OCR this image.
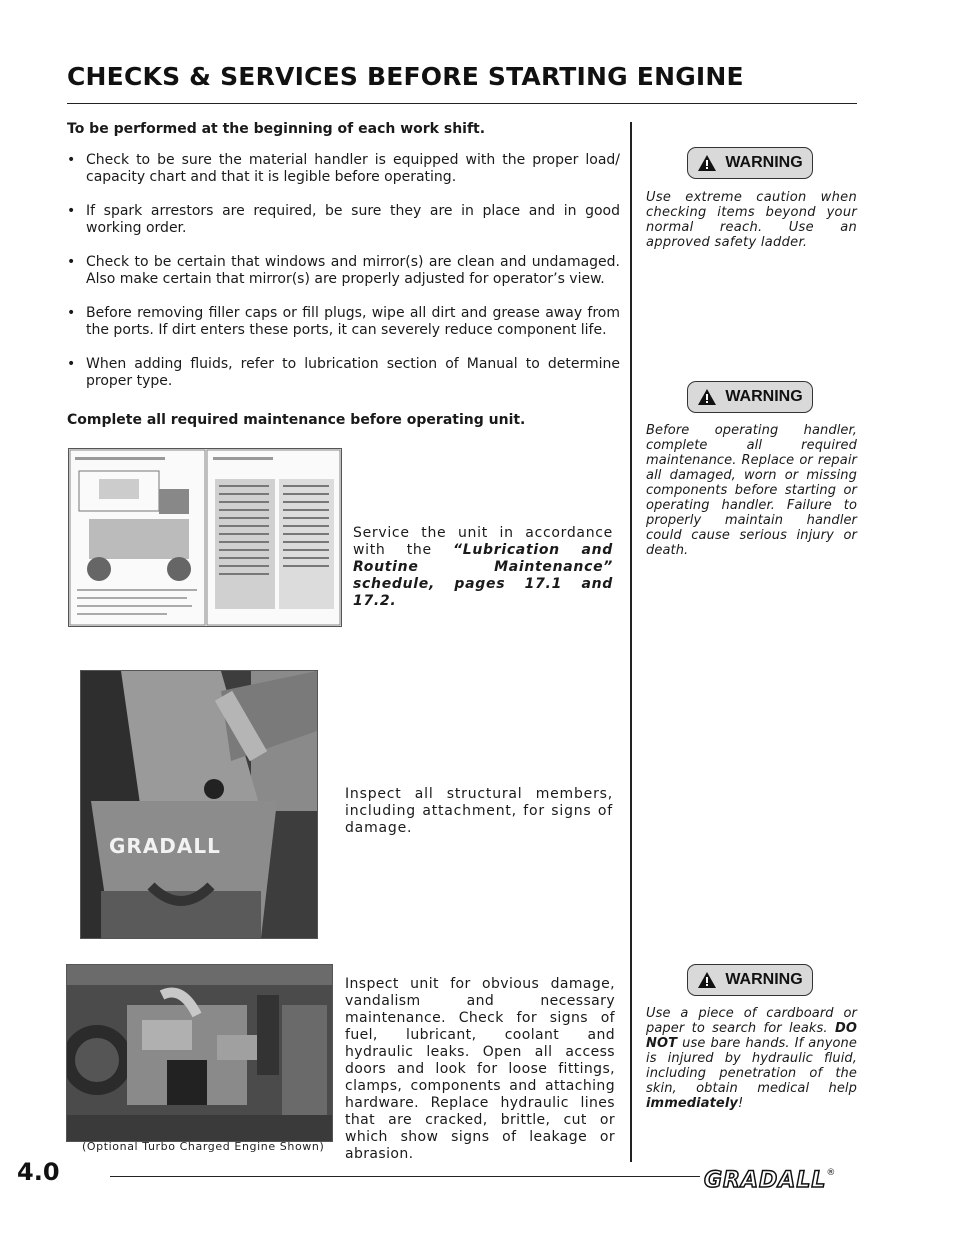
CHECKS & SERVICES BEFORE STARTING ENGINE
To be performed at the beginning of each work shift.
• Check to be sure the material handler is equipped with the proper load/ capacity chart and that it is legible before operating.
• If spark arrestors are required, be sure they are in place and in good working order.
• Check to be certain that windows and mirror(s) are clean and undamaged. Also make certain that mirror(s) are properly adjusted for operator’s view.
• Before removing filler caps or fill plugs, wipe all dirt and grease away from the ports. If dirt enters these ports, it can severely reduce component life.
• When adding fluids, refer to lubrication section of Manual to determine proper type.
Complete all required maintenance before operating unit.
Service the unit in accordance with the “Lubrication and Routine Maintenance” schedule, pages 17.1 and 17.2.
GRADALL
Inspect all structural members, including attachment, for signs of damage.
(Optional Turbo Charged Engine Shown)
Inspect unit for obvious damage, vandalism and necessary maintenance. Check for signs of fuel, lubricant, coolant and hydraulic leaks. Open all access doors and look for loose fittings, clamps, components and attaching hardware. Replace hydraulic lines that are cracked, brittle, cut or which show signs of leakage or abrasion.
WARNING
Use extreme caution when checking items beyond your normal reach. Use an approved safety ladder.
WARNING
Before operating handler, complete all required maintenance. Replace or repair all damaged, worn or missing components before starting or operating handler. Failure to properly maintain handler could cause serious injury or death.
WARNING
Use a piece of cardboard or paper to search for leaks. DO NOT use bare hands. If anyone is injured by hydraulic fluid, including penetration of the skin, obtain medical help immediately!
4.0	GRADALL®
